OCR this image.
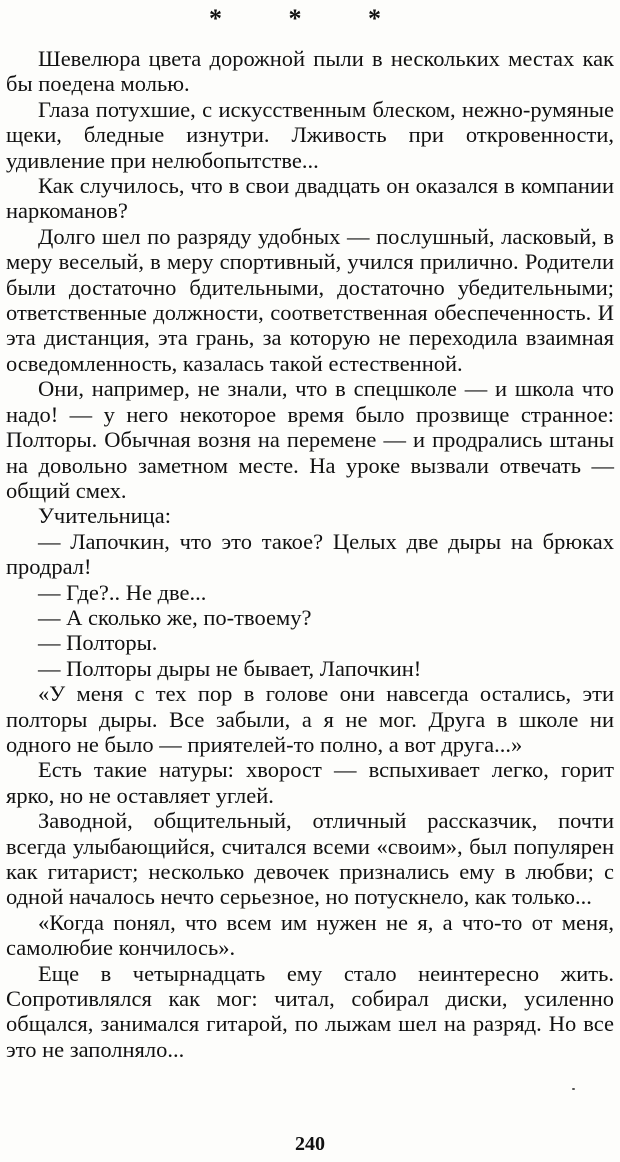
* * *

Шевелюра цвета дорожной пыли в нескольких местах как бы поедена молью.

Глаза потухшие, с искусственным блеском, нежно-румяные щеки, бледные изнутри. Лживость при откровенности, удивление при нелюбопытстве...

Как случилось, что в свои двадцать он оказался в компании наркоманов?

Долго шел по разряду удобных — послушный, ласковый, в меру веселый, в меру спортивный, учился прилично. Родители были достаточно бдительными, достаточно убедительными; ответственные должности, соответственная обеспеченность. И эта дистанция, эта грань, за которую не переходила взаимная осведомленность, казалась такой естественной.

Они, например, не знали, что в спецшколе — и школа что надо! — у него некоторое время было прозвище странное: Полторы. Обычная возня на перемене — и продрались штаны на довольно заметном месте. На уроке вызвали отвечать — общий смех.

Учительница:

— Лапочкин, что это такое? Целых две дыры на брюках продрал!

— Где?.. Не две...

— А сколько же, по-твоему?

— Полторы.

— Полторы дыры не бывает, Лапочкин!

«У меня с тех пор в голове они навсегда остались, эти полторы дыры. Все забыли, а я не мог. Друга в школе ни одного не было — приятелей-то полно, а вот друга...»

Есть такие натуры: хворост — вспыхивает легко, горит ярко, но не оставляет углей.

Заводной, общительный, отличный рассказчик, почти всегда улыбающийся, считался всеми «своим», был популярен как гитарист; несколько девочек признались ему в любви; с одной началось нечто серьезное, но потускнело, как только...

«Когда понял, что всем им нужен не я, а что-то от меня, самолюбие кончилось».

Еще в четырнадцать ему стало неинтересно жить. Сопротивлялся как мог: читал, собирал диски, усиленно общался, занимался гитарой, по лыжам шел на разряд. Но все это не заполняло...

240
